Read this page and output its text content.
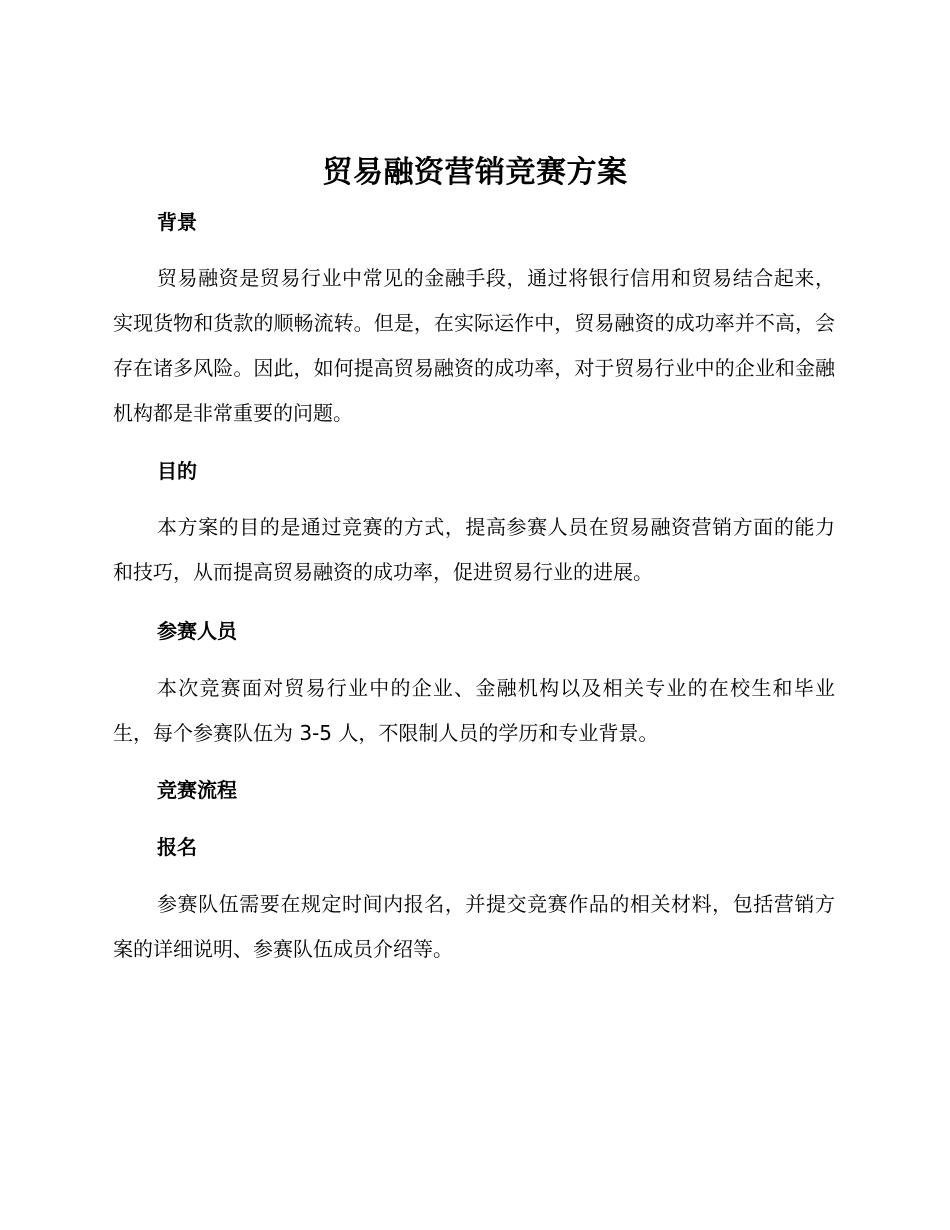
贸易融资营销竞赛方案
背景

贸易融资是贸易行业中常见的金融手段，通过将银行信用和贸易结合起来，实现货物和货款的顺畅流转。但是，在实际运作中，贸易融资的成功率并不高，会存在诸多风险。因此，如何提高贸易融资的成功率，对于贸易行业中的企业和金融机构都是非常重要的问题。

目的

本方案的目的是通过竞赛的方式，提高参赛人员在贸易融资营销方面的能力和技巧，从而提高贸易融资的成功率，促进贸易行业的进展。

参赛人员

本次竞赛面对贸易行业中的企业、金融机构以及相关专业的在校生和毕业生，每个参赛队伍为 3-5 人，不限制人员的学历和专业背景。

竞赛流程
报名

参赛队伍需要在规定时间内报名，并提交竞赛作品的相关材料，包括营销方案的详细说明、参赛队伍成员介绍等。
